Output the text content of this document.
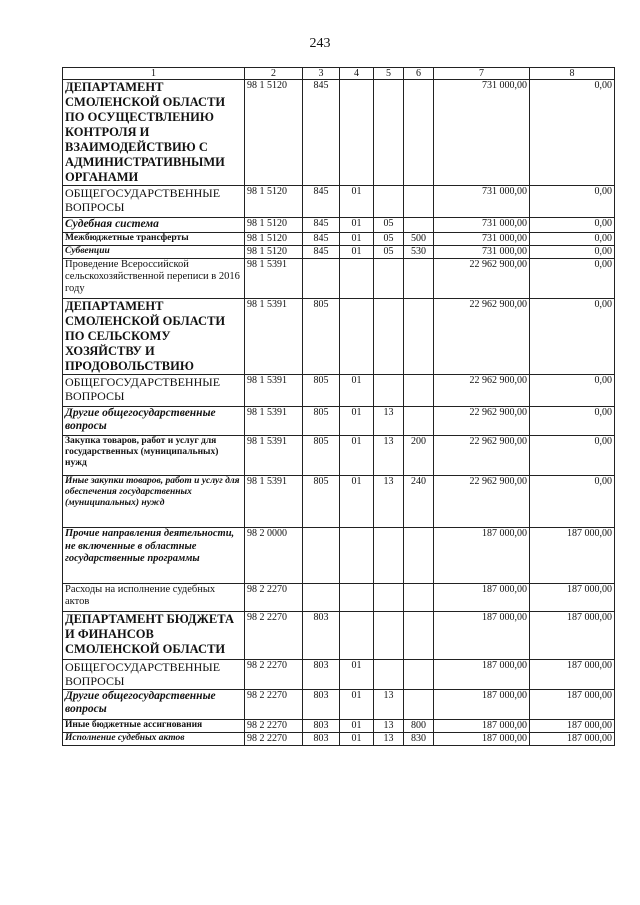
243
1	2	3	4	5	6	7	8
ДЕПАРТАМЕНТ СМОЛЕНСКОЙ ОБЛАСТИ ПО ОСУЩЕСТВЛЕНИЮ КОНТРОЛЯ И ВЗАИМОДЕЙСТВИЮ С АДМИНИСТРАТИВНЫМИ ОРГАНАМИ	98 1 5120	845				731 000,00	0,00
ОБЩЕГОСУДАРСТВЕННЫЕ ВОПРОСЫ	98 1 5120	845	01			731 000,00	0,00
Судебная система	98 1 5120	845	01	05		731 000,00	0,00
Межбюджетные трансферты	98 1 5120	845	01	05	500	731 000,00	0,00
Субвенции	98 1 5120	845	01	05	530	731 000,00	0,00
Проведение Всероссийской сельскохозяйственной переписи в 2016 году	98 1 5391					22 962 900,00	0,00
ДЕПАРТАМЕНТ СМОЛЕНСКОЙ ОБЛАСТИ ПО СЕЛЬСКОМУ ХОЗЯЙСТВУ И ПРОДОВОЛЬСТВИЮ	98 1 5391	805				22 962 900,00	0,00
ОБЩЕГОСУДАРСТВЕННЫЕ ВОПРОСЫ	98 1 5391	805	01			22 962 900,00	0,00
Другие общегосударственные вопросы	98 1 5391	805	01	13		22 962 900,00	0,00
Закупка товаров, работ и услуг для государственных (муниципальных) нужд	98 1 5391	805	01	13	200	22 962 900,00	0,00
Иные закупки товаров, работ и услуг для обеспечения государственных (муниципальных) нужд	98 1 5391	805	01	13	240	22 962 900,00	0,00
Прочие направления деятельности, не включенные в областные государственные программы	98 2 0000					187 000,00	187 000,00
Расходы на исполнение судебных актов	98 2 2270					187 000,00	187 000,00
ДЕПАРТАМЕНТ БЮДЖЕТА И ФИНАНСОВ СМОЛЕНСКОЙ ОБЛАСТИ	98 2 2270	803				187 000,00	187 000,00
ОБЩЕГОСУДАРСТВЕННЫЕ ВОПРОСЫ	98 2 2270	803	01			187 000,00	187 000,00
Другие общегосударственные вопросы	98 2 2270	803	01	13		187 000,00	187 000,00
Иные бюджетные ассигнования	98 2 2270	803	01	13	800	187 000,00	187 000,00
Исполнение судебных актов	98 2 2270	803	01	13	830	187 000,00	187 000,00
